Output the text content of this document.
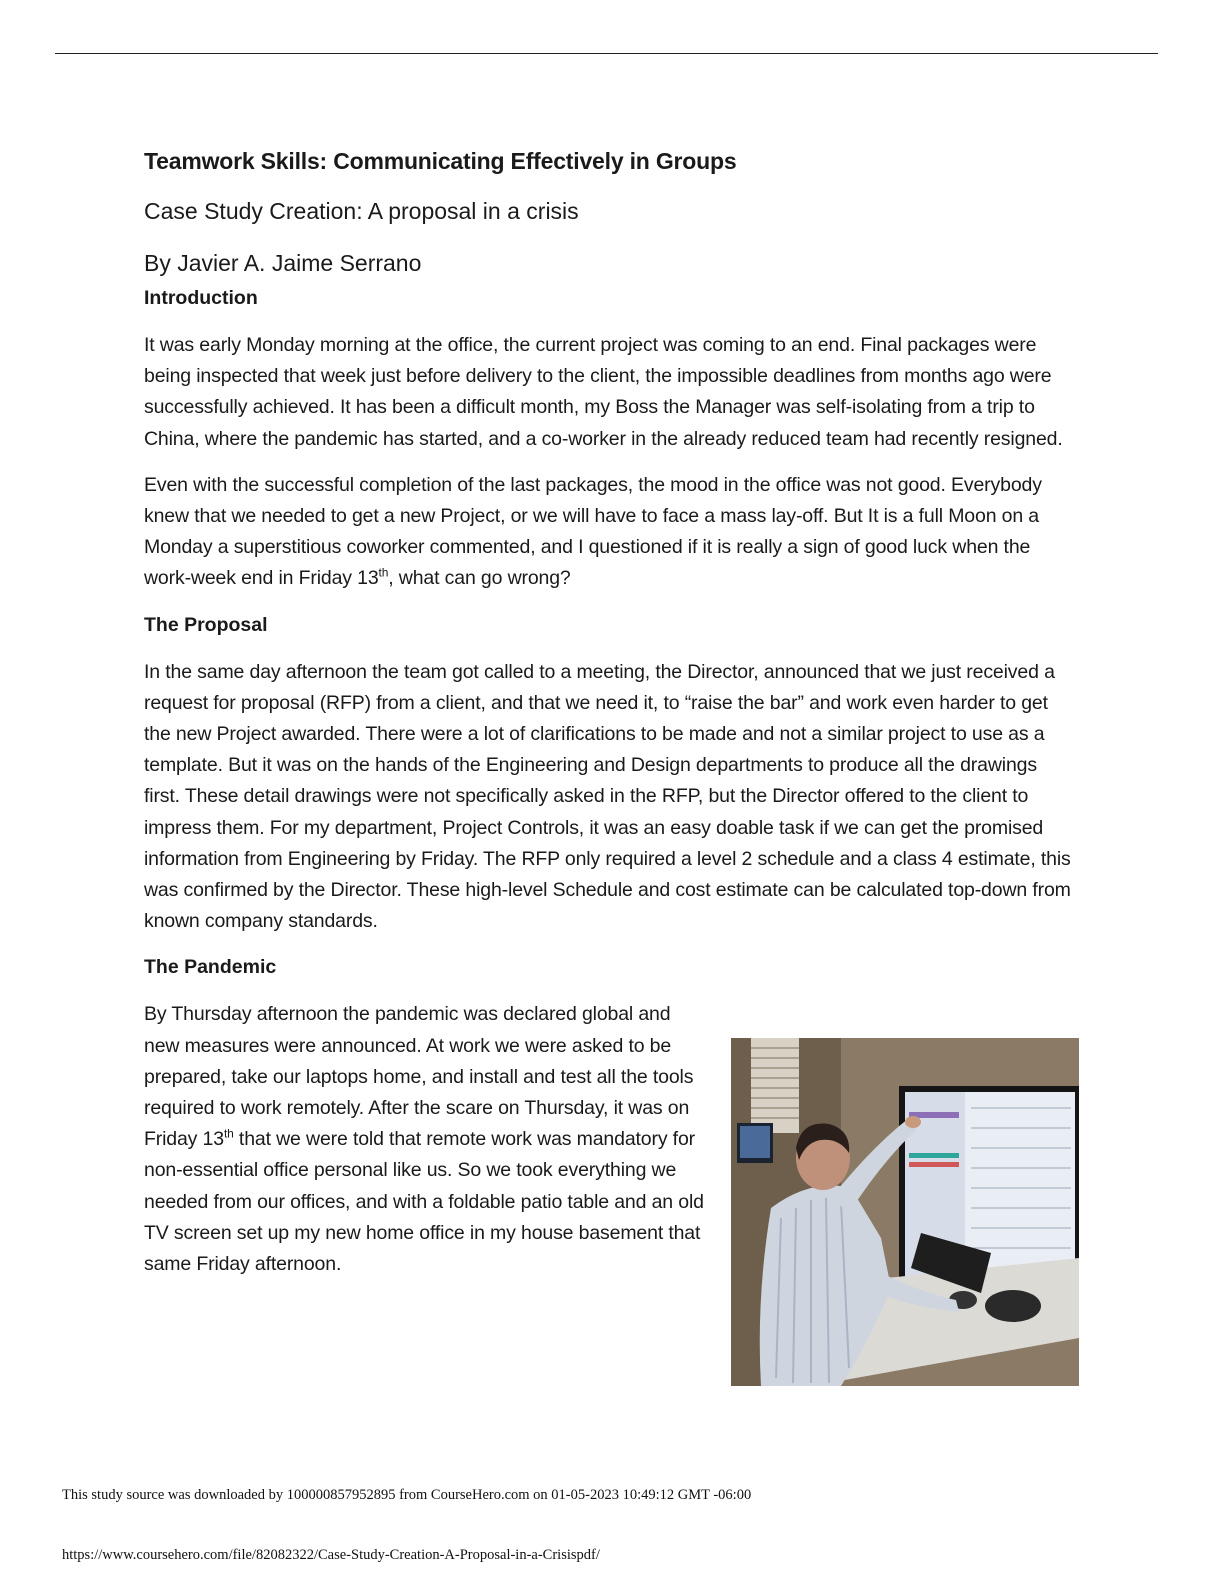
Teamwork Skills: Communicating Effectively in Groups
Case Study Creation: A proposal in a crisis
By Javier A. Jaime Serrano
Introduction

It was early Monday morning at the office, the current project was coming to an end. Final packages were being inspected that week just before delivery to the client, the impossible deadlines from months ago were successfully achieved. It has been a difficult month, my Boss the Manager was self-isolating from a trip to China, where the pandemic has started, and a co-worker in the already reduced team had recently resigned.

Even with the successful completion of the last packages, the mood in the office was not good. Everybody knew that we needed to get a new Project, or we will have to face a mass lay-off. But It is a full Moon on a Monday a superstitious coworker commented, and I questioned if it is really a sign of good luck when the work-week end in Friday 13th, what can go wrong?

The Proposal

In the same day afternoon the team got called to a meeting, the Director, announced that we just received a request for proposal (RFP) from a client, and that we need it, to “raise the bar” and work even harder to get the new Project awarded. There were a lot of clarifications to be made and not a similar project to use as a template. But it was on the hands of the Engineering and Design departments to produce all the drawings first. These detail drawings were not specifically asked in the RFP, but the Director offered to the client to impress them. For my department, Project Controls, it was an easy doable task if we can get the promised information from Engineering by Friday. The RFP only required a level 2 schedule and a class 4 estimate, this was confirmed by the Director. These high-level Schedule and cost estimate can be calculated top-down from known company standards.

The Pandemic

By Thursday afternoon the pandemic was declared global and new measures were announced. At work we were asked to be prepared, take our laptops home, and install and test all the tools required to work remotely. After the scare on Thursday, it was on Friday 13th that we were told that remote work was mandatory for non-essential office personal like us. So we took everything we needed from our offices, and with a foldable patio table and an old TV screen set up my new home office in my house basement that same Friday afternoon.

This study source was downloaded by 100000857952895 from CourseHero.com on 01-05-2023 10:49:12 GMT -06:00
https://www.coursehero.com/file/82082322/Case-Study-Creation-A-Proposal-in-a-Crisispdf/
